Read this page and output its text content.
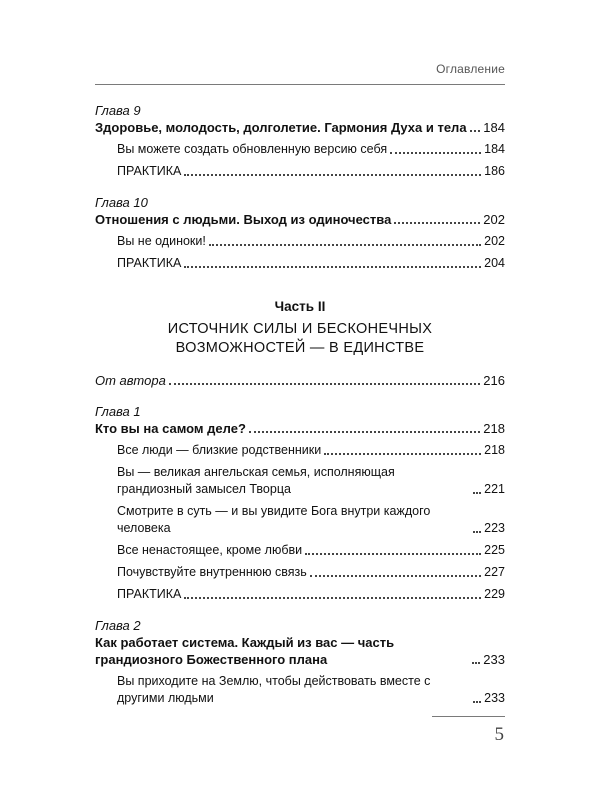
Оглавление
Глава 9
Здоровье, молодость, долголетие. Гармония Духа и тела 184
Вы можете создать обновленную версию себя	184
ПРАКТИКА	186
Глава 10
Отношения с людьми. Выход из одиночества	202
Вы не одиноки!	202
ПРАКТИКА	204
Часть II
ИСТОЧНИК СИЛЫ И БЕСКОНЕЧНЫХ
ВОЗМОЖНОСТЕЙ — В ЕДИНСТВЕ
От автора	216
Глава 1
Кто вы на самом деле?	218
Все люди — близкие родственники	218
Вы — великая ангельская семья, исполняющая грандиозный замысел Творца	221
Смотрите в суть — и вы увидите Бога внутри каждого человека	223
Все ненастоящее, кроме любви	225
Почувствуйте внутреннюю связь	227
ПРАКТИКА	229
Глава 2
Как работает система. Каждый из вас — часть грандиозного Божественного плана	233
Вы приходите на Землю, чтобы действовать вместе с другими людьми	233
5
